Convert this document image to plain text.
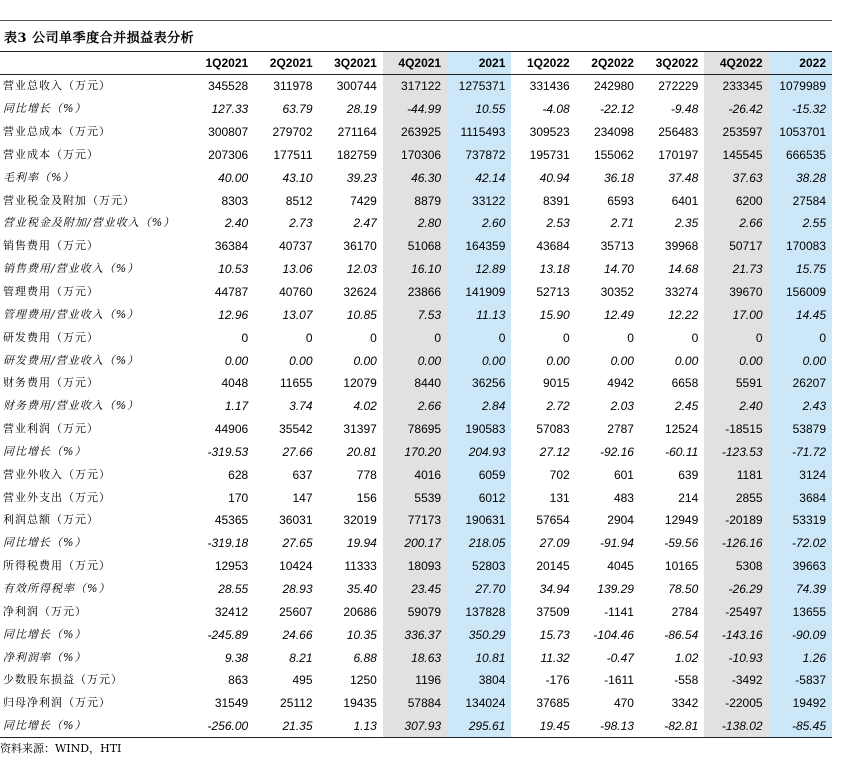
表3 公司单季度合并损益表分析
	1Q2021	2Q2021	3Q2021	4Q2021	2021	1Q2022	2Q2022	3Q2022	4Q2022	2022
营业总收入（万元）	345528	311978	300744	317122	1275371	331436	242980	272229	233345	1079989
同比增长（%）	127.33	63.79	28.19	-44.99	10.55	-4.08	-22.12	-9.48	-26.42	-15.32
营业总成本（万元）	300807	279702	271164	263925	1115493	309523	234098	256483	253597	1053701
营业成本（万元）	207306	177511	182759	170306	737872	195731	155062	170197	145545	666535
毛利率（%）	40.00	43.10	39.23	46.30	42.14	40.94	36.18	37.48	37.63	38.28
营业税金及附加（万元）	8303	8512	7429	8879	33122	8391	6593	6401	6200	27584
营业税金及附加/营业收入（%）	2.40	2.73	2.47	2.80	2.60	2.53	2.71	2.35	2.66	2.55
销售费用（万元）	36384	40737	36170	51068	164359	43684	35713	39968	50717	170083
销售费用/营业收入（%）	10.53	13.06	12.03	16.10	12.89	13.18	14.70	14.68	21.73	15.75
管理费用（万元）	44787	40760	32624	23866	141909	52713	30352	33274	39670	156009
管理费用/营业收入（%）	12.96	13.07	10.85	7.53	11.13	15.90	12.49	12.22	17.00	14.45
研发费用（万元）	0	0	0	0	0	0	0	0	0	0
研发费用/营业收入（%）	0.00	0.00	0.00	0.00	0.00	0.00	0.00	0.00	0.00	0.00
财务费用（万元）	4048	11655	12079	8440	36256	9015	4942	6658	5591	26207
财务费用/营业收入（%）	1.17	3.74	4.02	2.66	2.84	2.72	2.03	2.45	2.40	2.43
营业利润（万元）	44906	35542	31397	78695	190583	57083	2787	12524	-18515	53879
同比增长（%）	-319.53	27.66	20.81	170.20	204.93	27.12	-92.16	-60.11	-123.53	-71.72
营业外收入（万元）	628	637	778	4016	6059	702	601	639	1181	3124
营业外支出（万元）	170	147	156	5539	6012	131	483	214	2855	3684
利润总额（万元）	45365	36031	32019	77173	190631	57654	2904	12949	-20189	53319
同比增长（%）	-319.18	27.65	19.94	200.17	218.05	27.09	-91.94	-59.56	-126.16	-72.02
所得税费用（万元）	12953	10424	11333	18093	52803	20145	4045	10165	5308	39663
有效所得税率（%）	28.55	28.93	35.40	23.45	27.70	34.94	139.29	78.50	-26.29	74.39
净利润（万元）	32412	25607	20686	59079	137828	37509	-1141	2784	-25497	13655
同比增长（%）	-245.89	24.66	10.35	336.37	350.29	15.73	-104.46	-86.54	-143.16	-90.09
净利润率（%）	9.38	8.21	6.88	18.63	10.81	11.32	-0.47	1.02	-10.93	1.26
少数股东损益（万元）	863	495	1250	1196	3804	-176	-1611	-558	-3492	-5837
归母净利润（万元）	31549	25112	19435	57884	134024	37685	470	3342	-22005	19492
同比增长（%）	-256.00	21.35	1.13	307.93	295.61	19.45	-98.13	-82.81	-138.02	-85.45
资料来源：WIND，HTI
